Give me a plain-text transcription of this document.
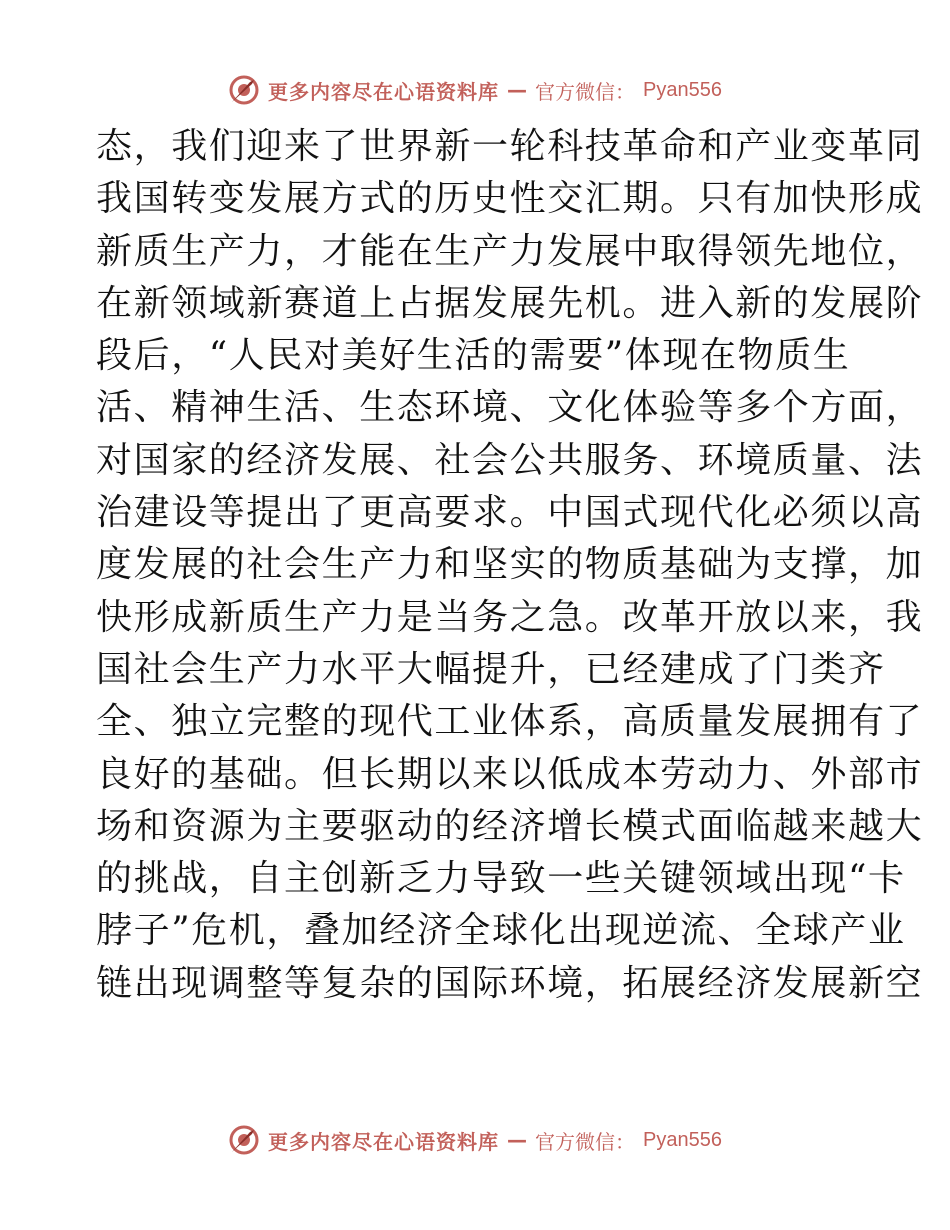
更多内容尽在心语资料库 — 官方微信： Pyan556
态，我们迎来了世界新一轮科技革命和产业变革同
我国转变发展方式的历史性交汇期。只有加快形成
新质生产力，才能在生产力发展中取得领先地位，
在新领域新赛道上占据发展先机。进入新的发展阶
段后，“人民对美好生活的需要”体现在物质生
活、精神生活、生态环境、文化体验等多个方面，
对国家的经济发展、社会公共服务、环境质量、法
治建设等提出了更高要求。中国式现代化必须以高
度发展的社会生产力和坚实的物质基础为支撑，加
快形成新质生产力是当务之急。改革开放以来，我
国社会生产力水平大幅提升，已经建成了门类齐
全、独立完整的现代工业体系，高质量发展拥有了
良好的基础。但长期以来以低成本劳动力、外部市
场和资源为主要驱动的经济增长模式面临越来越大
的挑战，自主创新乏力导致一些关键领域出现“卡
脖子”危机，叠加经济全球化出现逆流、全球产业
链出现调整等复杂的国际环境，拓展经济发展新空
更多内容尽在心语资料库 — 官方微信： Pyan556
